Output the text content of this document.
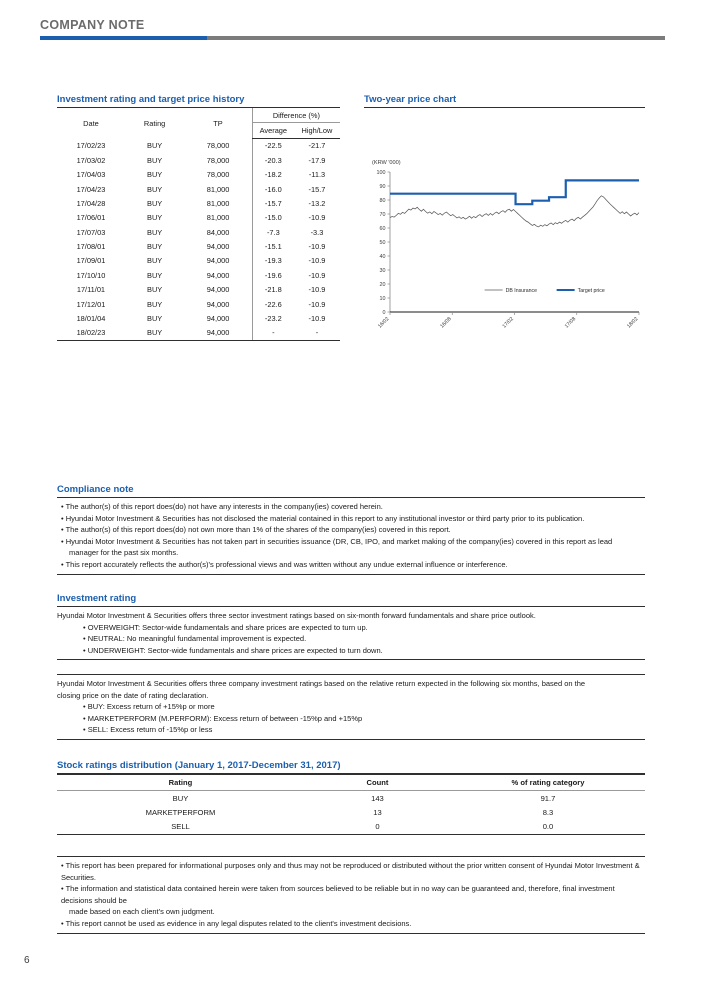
COMPANY NOTE
Investment rating and target price history
Date	Rating	TP	Difference (%)	
			Average	High/Low
17/02/23	BUY	78,000	-22.5	-21.7
17/03/02	BUY	78,000	-20.3	-17.9
17/04/03	BUY	78,000	-18.2	-11.3
17/04/23	BUY	81,000	-16.0	-15.7
17/04/28	BUY	81,000	-15.7	-13.2
17/06/01	BUY	81,000	-15.0	-10.9
17/07/03	BUY	84,000	-7.3	-3.3
17/08/01	BUY	94,000	-15.1	-10.9
17/09/01	BUY	94,000	-19.3	-10.9
17/10/10	BUY	94,000	-19.6	-10.9
17/11/01	BUY	94,000	-21.8	-10.9
17/12/01	BUY	94,000	-22.6	-10.9
18/01/04	BUY	94,000	-23.2	-10.9
18/02/23	BUY	94,000	-	-
Two-year price chart
(KRW '000)
0
10
20
30
40
50
60
70
80
90
100
16/02	16/08	17/02	17/08	18/02
DB Insurance	Target price
Compliance note

• The author(s) of this report does(do) not have any interests in the company(ies) covered herein.

• Hyundai Motor Investment & Securities has not disclosed the material contained in this report to any institutional investor or third party prior to its publication.

• The author(s) of this report does(do) not own more than 1% of the shares of the company(ies) covered in this report.

• Hyundai Motor Investment & Securities has not taken part in securities issuance (DR, CB, IPO, and market making of the company(ies) covered in this report as lead

manager for the past six months.

• This report accurately reflects the author(s)'s professional views and was written without any undue external influence or interference.

Investment rating

Hyundai Motor Investment & Securities offers three sector investment ratings based on six-month forward fundamentals and share price outlook.

• OVERWEIGHT: Sector-wide fundamentals and share prices are expected to turn up.

• NEUTRAL: No meaningful fundamental improvement is expected.

• UNDERWEIGHT: Sector-wide fundamentals and share prices are expected to turn down.

Hyundai Motor Investment & Securities offers three company investment ratings based on the relative return expected in the following six months, based on the

closing price on the date of rating declaration.

• BUY: Excess return of +15%p or more

• MARKETPERFORM (M.PERFORM): Excess return of between -15%p and +15%p

• SELL: Excess return of -15%p or less

Stock ratings distribution (January 1, 2017-December 31, 2017)
Rating	Count	% of rating category
BUY	143	91.7
MARKETPERFORM	13	8.3
SELL	0	0.0

• This report has been prepared for informational purposes only and thus may not be reproduced or distributed without the prior written consent of Hyundai Motor Investment & Securities.

• The information and statistical data contained herein were taken from sources believed to be reliable but in no way can be guaranteed and, therefore, final investment decisions should be

made based on each client's own judgment.

• This report cannot be used as evidence in any legal disputes related to the client's investment decisions.

6
